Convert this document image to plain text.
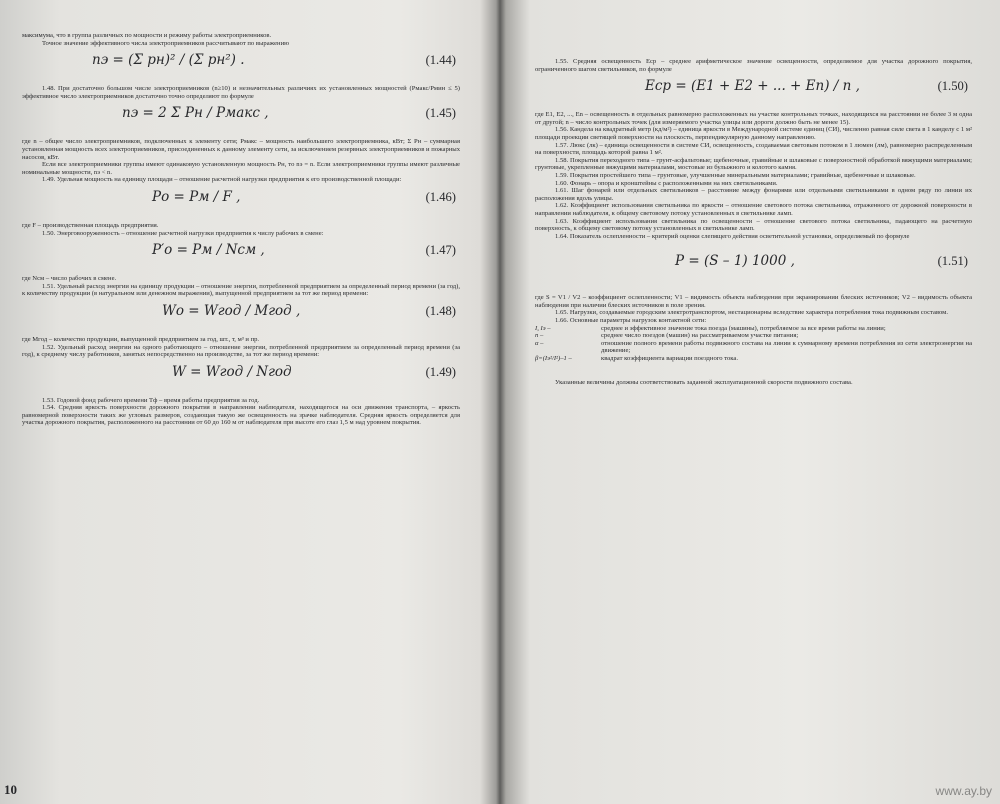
максимума, что в группа различных по мощности и режиму работы электроприемников.

Точное значение эффективного числа электроприемников рассчитывают по выражению

nэ = (Σ pн)² / (Σ pн²) .	(1.44)

1.48. При достаточно большом числе электроприемников (n≥10) и незначительных различиях их установленных мощностей (Pмакс/Pмин ≤ 5) эффективное число электроприемников достаточно точно определяют по формуле

nэ = 2 Σ Pн / Pмакс ,	(1.45)

где n – общее число электроприемников, подключенных к элементу сети; Pмакс – мощность наибольшего электроприемника, кВт; Σ Pн – суммарная установленная мощность всех электроприемников, присоединенных к данному элементу сети, за исключением резервных электроприемников и пожарных насосов, кВт.

Если все электроприемники группы имеют одинаковую установленную мощность Pн, то nэ = n. Если электроприемники группы имеют различные номинальные мощности, nэ < n.

1.49. Удельная мощность на единицу площади – отношение расчетной нагрузки предприятия к его производственной площади:

Pо = Pм / F ,	(1.46)

где F – производственная площадь предприятия.

1.50. Энерговооруженность – отношение расчетной нагрузки предприятия к числу рабочих в смене:

P′о = Pм / Nсм ,	(1.47)

где Nсм – число рабочих в смене.

1.51. Удельный расход энергии на единицу продукции – отношение энергии, потребленной предприятием за определенный период времени (за год), к количеству продукции (в натуральном или денежном выражении), выпущенной предприятием за тот же период времени:

Wо = Wгод / Mгод ,	(1.48)

где Mгод – количество продукции, выпущенной предприятием за год, шт., т, м³ и пр.

1.52. Удельный расход энергии на одного работающего – отношение энергии, потребленной предприятием за определенный период времени (за год), к среднему числу работников, занятых непосредственно на производстве, за тот же период времени:

W = Wгод / Nгод	(1.49)

1.53. Годовой фонд рабочего времени Tф – время работы предприятия за год.

1.54. Средняя яркость поверхности дорожного покрытия в направлении наблюдателя, находящегося на оси движения транспорта, – яркость равномерной поверхности таких же угловых размеров, создающая такую же освещенность на зрачке наблюдателя. Средняя яркость определяется для участка дорожного покрытия, расположенного на расстоянии от 60 до 160 м от наблюдателя при высоте его глаз 1,5 м над уровнем покрытия.

1.55. Средняя освещенность Eср – среднее арифметическое значение освещенности, определяемое для участка дорожного покрытия, ограниченного шагом светильников, по формуле

Eср = (E1 + E2 + ... + En) / n ,	(1.50)

где E1, E2, ..., En – освещенность в отдельных равномерно расположенных на участке контрольных точках, находящихся на расстоянии не более 3 м одна от другой; n – число контрольных точек (для измеряемого участка улицы или дороги должно быть не менее 15).

1.56. Кандела на квадратный метр (кд/м²) – единица яркости в Международной системе единиц (СИ), численно равная силе света в 1 канделу с 1 м² площади проекции светящей поверхности на плоскость, перпендикулярную данному направлению.

1.57. Люкс (лк) – единица освещенности в системе СИ, освещенность, создаваемая световым потоком в 1 люмен (лм), равномерно распределенным на поверхности, площадь которой равна 1 м².

1.58. Покрытия переходного типа – грунт-асфальтовые; щебеночные, гравийные и шлаковые с поверхностной обработкой вяжущими материалами; грунтовые, укрепленные вяжущими материалами, мостовые из булыжного и колотого камня.

1.59. Покрытия простейшего типа – грунтовые, улучшенные минеральными материалами; гравийные, щебеночные и шлаковые.

1.60. Фонарь – опора и кронштейны с расположенными на них светильниками.

1.61. Шаг фонарей или отдельных светильников – расстояние между фонарями или отдельными светильниками в одном ряду по линии их расположения вдоль улицы.

1.62. Коэффициент использования светильника по яркости – отношение светового потока светильника, отраженного от дорожной поверхности в направлении наблюдателя, к общему световому потоку установленных в светильнике ламп.

1.63. Коэффициент использования светильника по освещенности – отношение светового потока светильника, падающего на расчетную поверхность, к общему световому потоку установленных в светильнике ламп.

1.64. Показатель ослепленности – критерий оценки слепящего действия осветительной установки, определяемый по формуле

P = (S – 1) 1000 ,	(1.51)

где S = V1 / V2 – коэффициент ослепленности; V1 – видимость объекта наблюдения при экранировании блеских источников; V2 – видимость объекта наблюдения при наличии блеских источников в поле зрения.

1.65. Нагрузки, создаваемые городским электротранспортом, нестационарны вследствие характера потребления тока подвижным составом.

1.66. Основные параметры нагрузок контактной сети:

I, Iэ –	среднее и эффективное значение тока поезда (машины), потребляемое за все время работы на линии;

n –	среднее число поездов (машин) на рассматриваемом участке питания;

α –	отношение полного времени работы подвижного состава на линии к суммарному времени потребления из сети электроэнергии на движение;

β=(Iэ²/I²)–1 –	квадрат коэффициента вариации поездного тока.

Указанные величины должны соответствовать заданной эксплуатационной скорости подвижного состава.

10	www.ay.by
